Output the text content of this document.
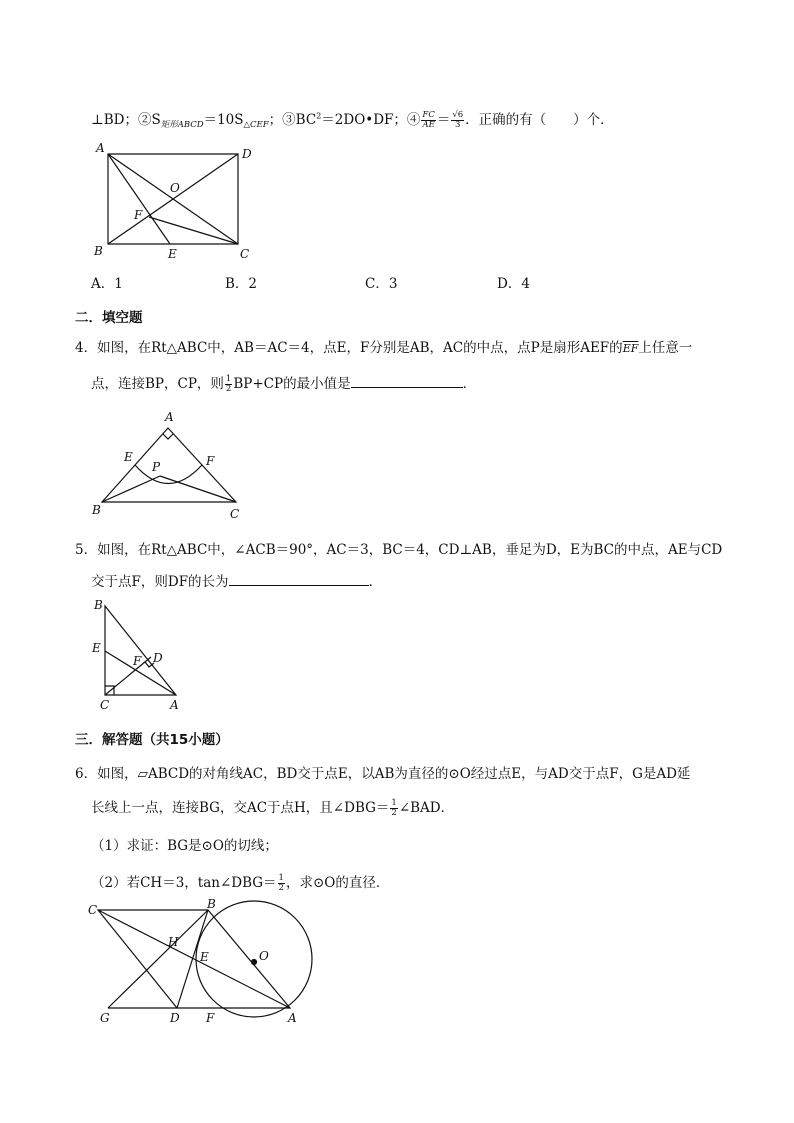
⊥BD；$②S_{矩形ABCD}=10S_{\triangle CEF}$；$③BC^2=2DO•DF$；④ $\frac{FC}{AE} = \frac{√6}{3}$ ．正确的有（　　）个．
A	D
B	C
E
O
F
A．1	B．2	C．3	D．4
二．填空题
4．如图，在Rt△ABC中，AB＝AC＝4，点E，F分别是AB，AC的中点，点P是扇形AEF的$\overline{EF}$上任意一
点，连接BP，CP，则 $\frac{1}{2} BP+CP$的最小值是	．
A
B	C
E	F
P
5．如图，在Rt△ABC中，∠ACB＝90°，AC＝3，BC＝4，CD⊥AB，垂足为D，E为BC的中点，AE与CD
交于点F，则DF的长为	．
B
E
C	A
D
F
三．解答题（共15小题）
6．如图，▱ABCD的对角线AC，BD交于点E，以AB为直径的⊙O经过点E，与AD交于点F，G是AD延
长线上一点，连接BG，交AC于点H，且∠DBG＝ $\frac{1}{2}$ ∠BAD．
（1）求证：BG是⊙O的切线；
（2）若CH＝3，tan∠DBG＝ $\frac{1}{2}$ ，求⊙O的直径．
C	B
H
E	O
G	D F	A
